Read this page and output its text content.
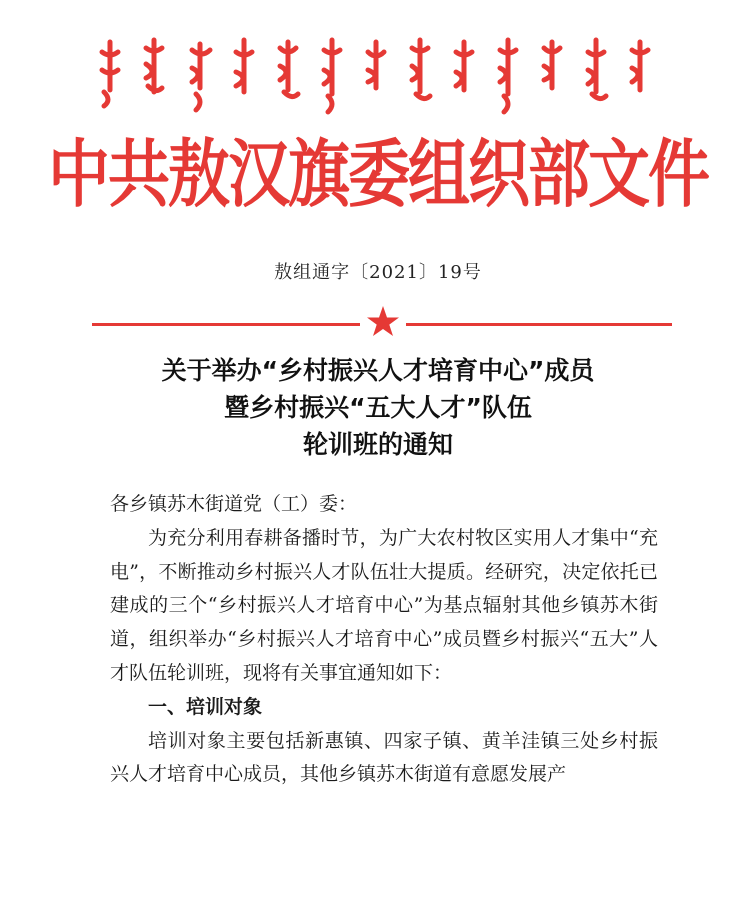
ᠳᠤᠮᠳᠠᠳᠤ ᠺᠣᠮᠮᠤᠨᠢᠰᠲ ᠨᠠᠮ ᠤᠨ
中共敖汉旗委组织部文件
敖组通字〔2021〕19号
关于举办“乡村振兴人才培育中心”成员
暨乡村振兴“五大人才”队伍
轮训班的通知

各乡镇苏木街道党（工）委：

为充分利用春耕备播时节，为广大农村牧区实用人才集中“充电”，不断推动乡村振兴人才队伍壮大提质。经研究，决定依托已建成的三个“乡村振兴人才培育中心”为基点辐射其他乡镇苏木街道，组织举办“乡村振兴人才培育中心”成员暨乡村振兴“五大”人才队伍轮训班，现将有关事宜通知如下：

一、培训对象

培训对象主要包括新惠镇、四家子镇、黄羊洼镇三处乡村振兴人才培育中心成员，其他乡镇苏木街道有意愿发展产
